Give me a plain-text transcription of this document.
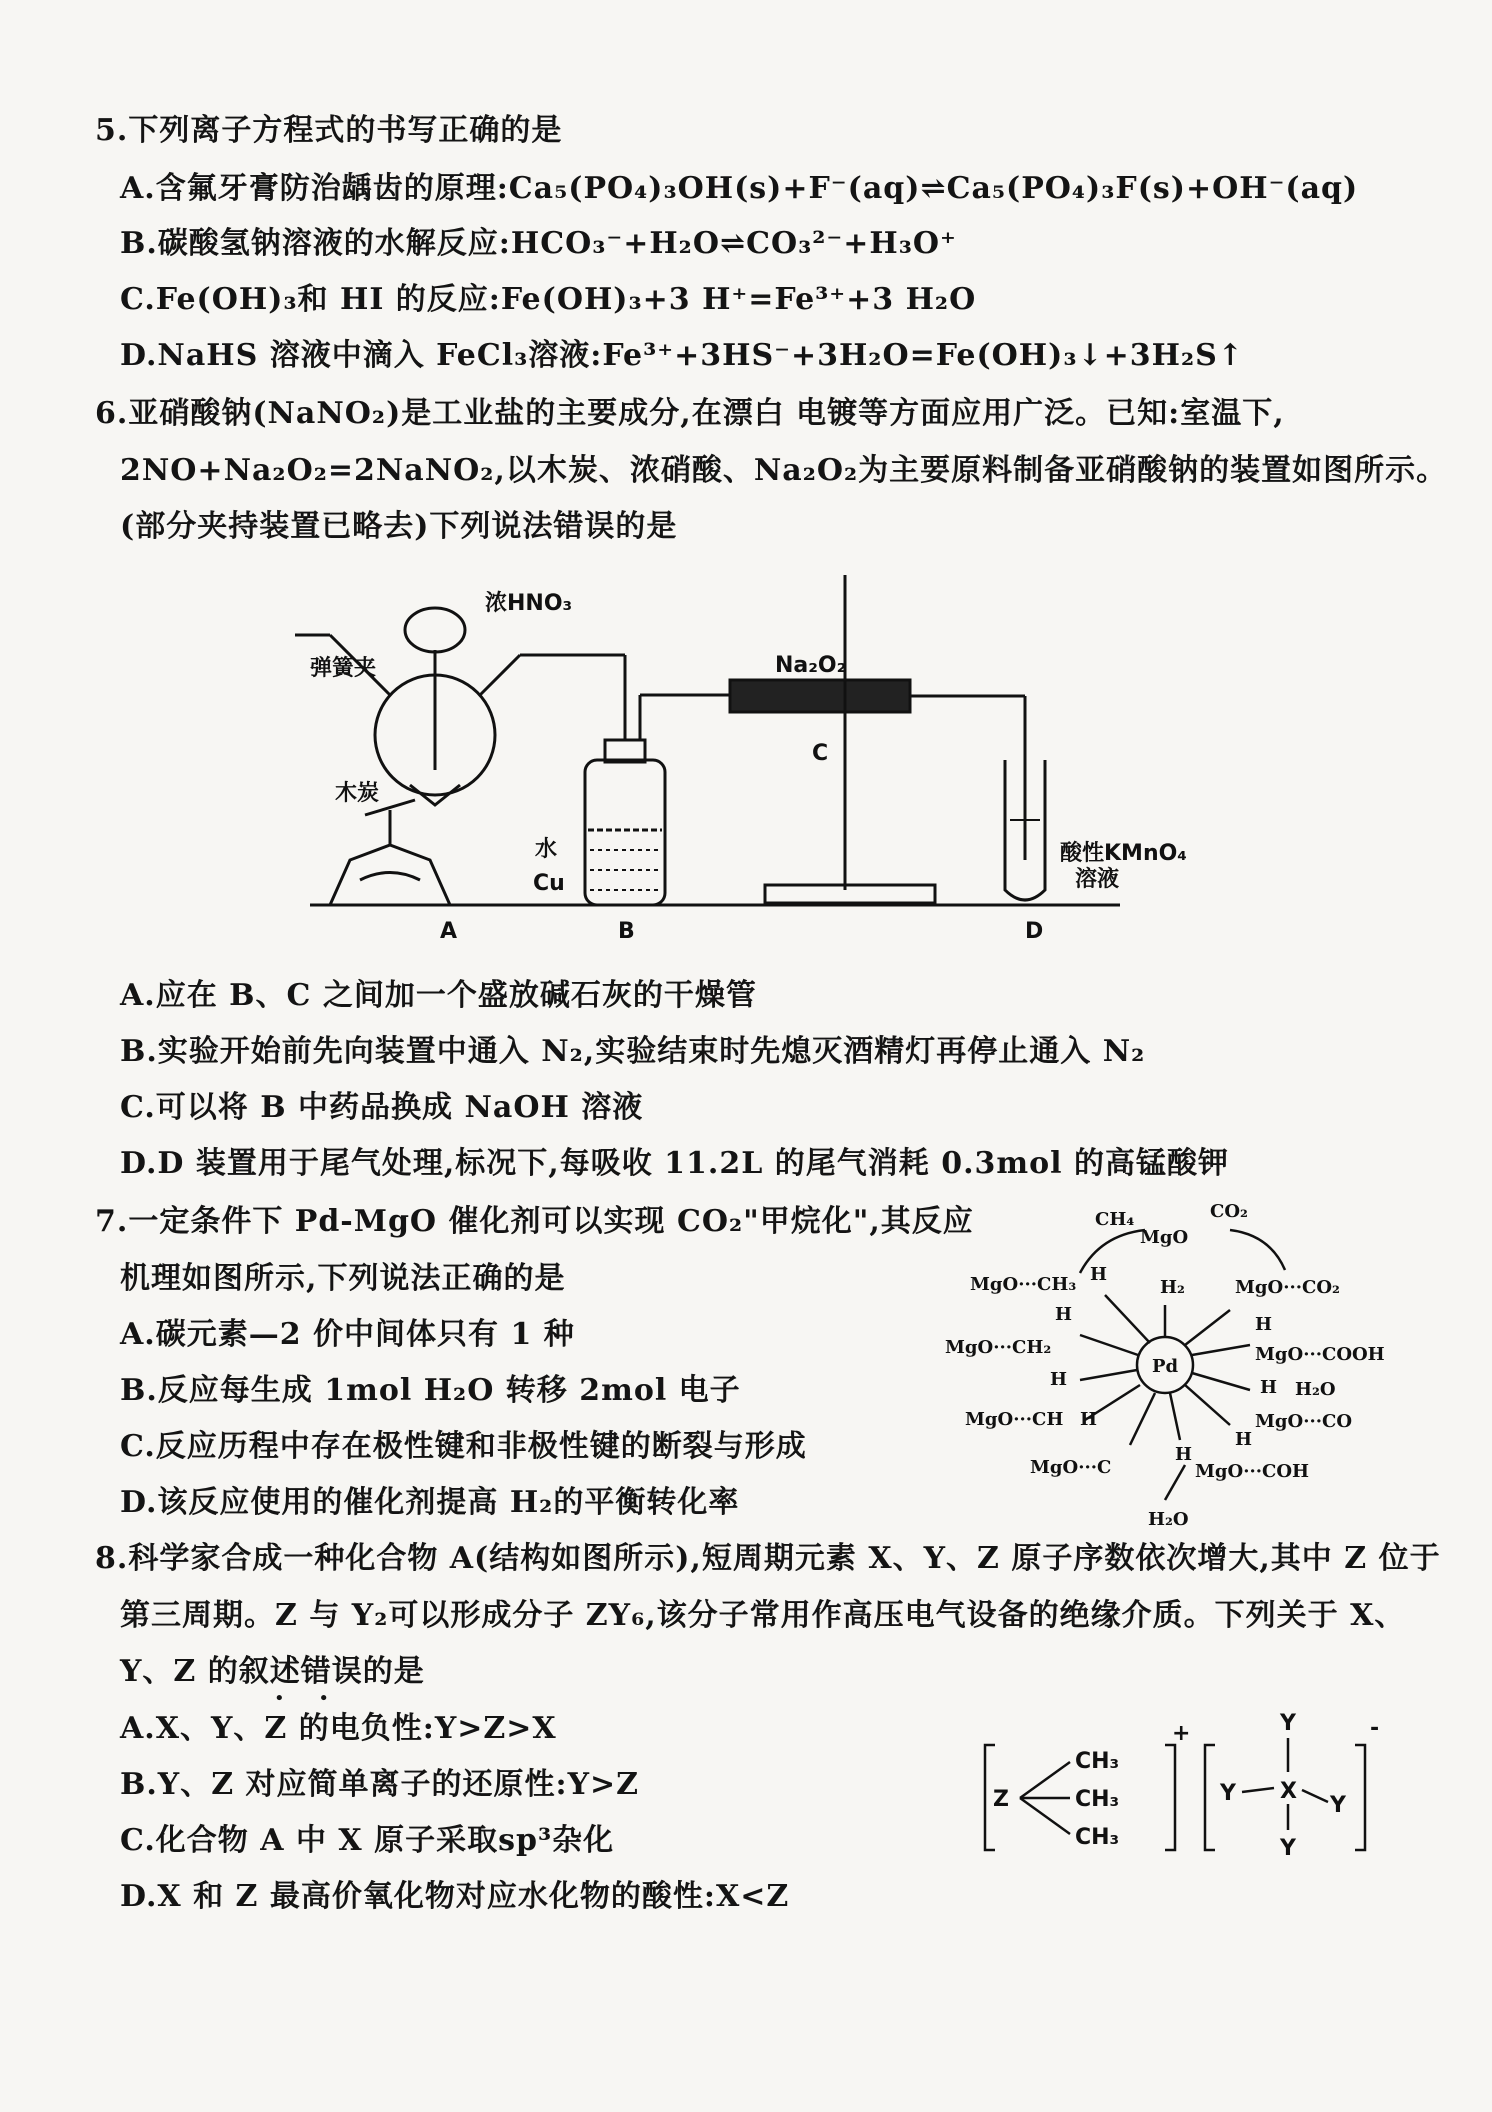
5.下列离子方程式的书写正确的是
A.含氟牙膏防治龋齿的原理:Ca₅(PO₄)₃OH(s)+F⁻(aq)⇌Ca₅(PO₄)₃F(s)+OH⁻(aq)
B.碳酸氢钠溶液的水解反应:HCO₃⁻+H₂O⇌CO₃²⁻+H₃O⁺
C.Fe(OH)₃和 HI 的反应:Fe(OH)₃+3 H⁺=Fe³⁺+3 H₂O
D.NaHS 溶液中滴入 FeCl₃溶液:Fe³⁺+3HS⁻+3H₂O=Fe(OH)₃↓+3H₂S↑
6.亚硝酸钠(NaNO₂)是工业盐的主要成分,在漂白 电镀等方面应用广泛。已知:室温下,
2NO+Na₂O₂=2NaNO₂,以木炭、浓硝酸、Na₂O₂为主要原料制备亚硝酸钠的装置如图所示。
(部分夹持装置已略去)下列说法错误的是
浓HNO₃
弹簧夹
木炭
Na₂O₂
水
Cu
酸性KMnO₄
溶液
A	B
C
D
A.应在 B、C 之间加一个盛放碱石灰的干燥管
B.实验开始前先向装置中通入 N₂,实验结束时先熄灭酒精灯再停止通入 N₂
C.可以将 B 中药品换成 NaOH 溶液
D.D 装置用于尾气处理,标况下,每吸收 11.2L 的尾气消耗 0.3mol 的高锰酸钾
7.一定条件下 Pd-MgO 催化剂可以实现 CO₂"甲烷化",其反应
机理如图所示,下列说法正确的是
A.碳元素—2 价中间体只有 1 种
B.反应每生成 1mol H₂O 转移 2mol 电子
C.反应历程中存在极性键和非极性键的断裂与形成
D.该反应使用的催化剂提高 H₂的平衡转化率
CH₄	CO₂
MgO
MgO···CH₃ H
H₂	MgO···CO₂
H	H
MgO···CH₂
Pd
MgO···COOH
H	H H₂O
MgO···CH H
H
MgO···CO
H
MgO···C	MgO···COH
H₂O
8.科学家合成一种化合物 A(结构如图所示),短周期元素 X、Y、Z 原子序数依次增大,其中 Z 位于
第三周期。Z 与 Y₂可以形成分子 ZY₆,该分子常用作高压电气设备的绝缘介质。下列关于 X、
Y、Z 的叙述错误的是
• •
A.X、Y、Z 的电负性:Y>Z>X
B.Y、Z 对应简单离子的还原性:Y>Z
C.化合物 A 中 X 原子采取sp³杂化
D.X 和 Z 最高价氧化物对应水化物的酸性:X<Z
Z
CH₃
CH₃
CH₃
+	Y
X
Y	Y
Y
-
